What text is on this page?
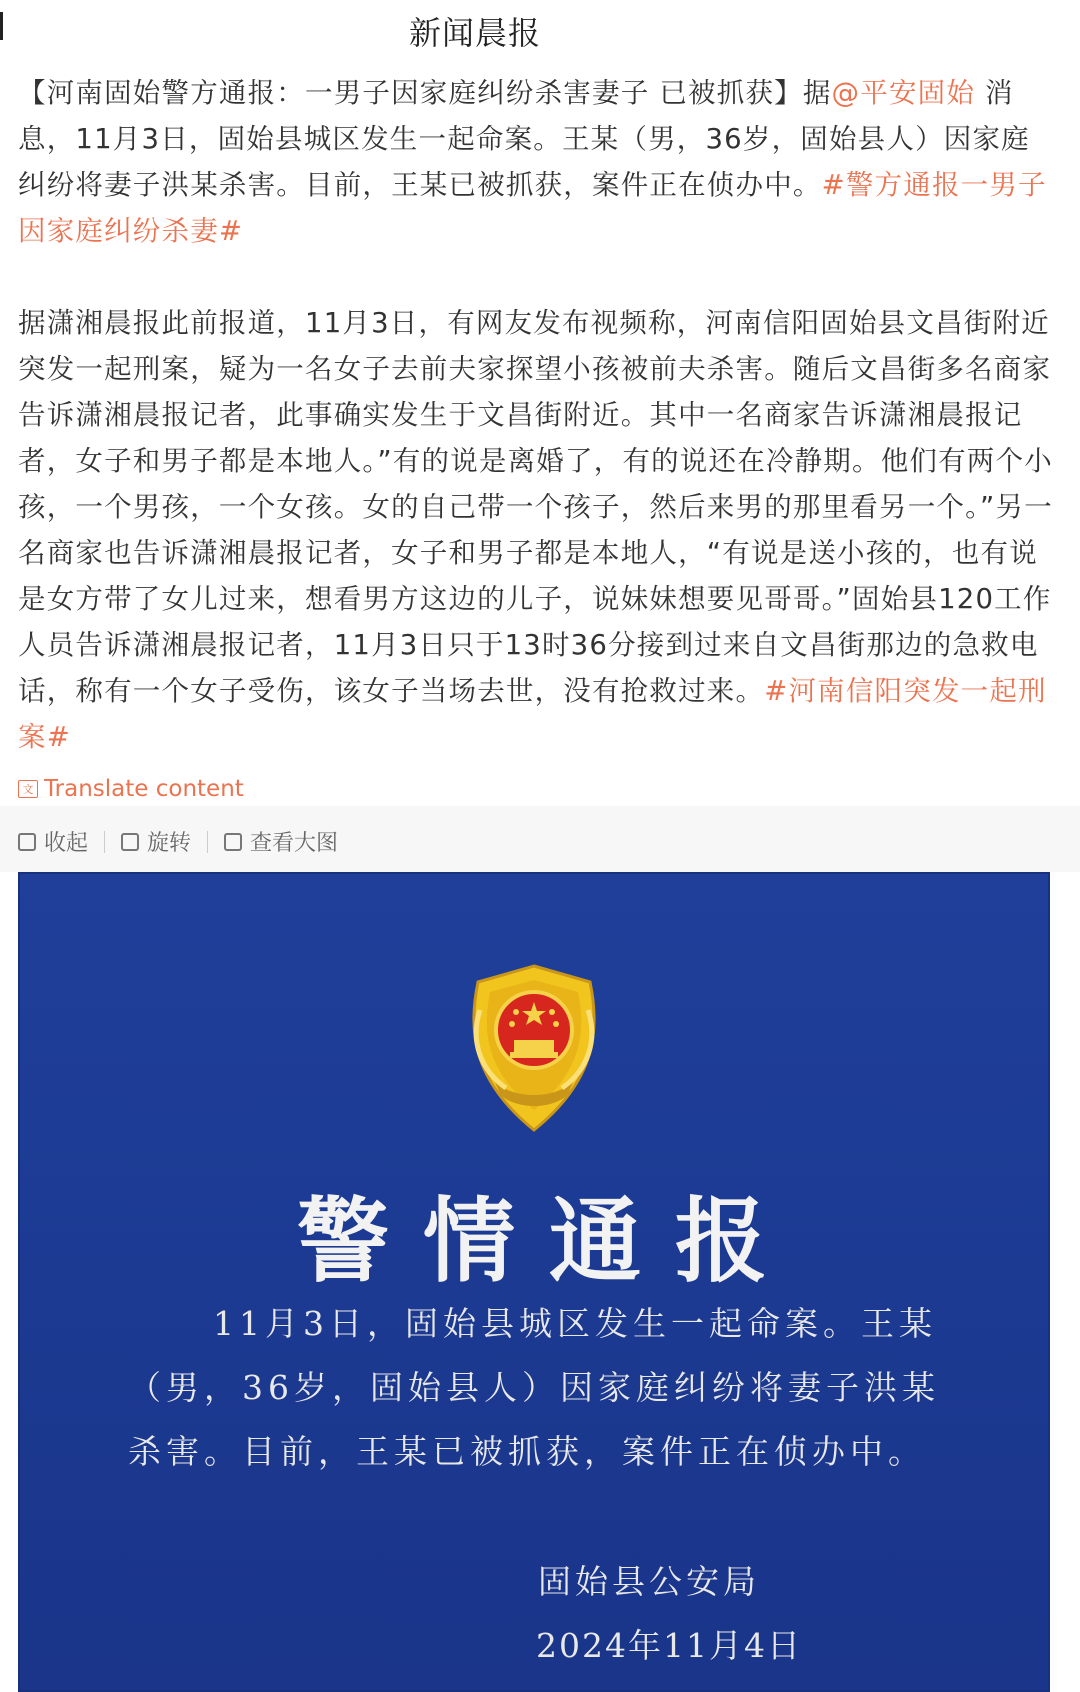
新闻晨报

【河南固始警方通报：一男子因家庭纠纷杀害妻子 已被抓获】据@平安固始 消息，11月3日，固始县城区发生一起命案。王某（男，36岁，固始县人）因家庭纠纷将妻子洪某杀害。目前，王某已被抓获，案件正在侦办中。#警方通报一男子因家庭纠纷杀妻#

据潇湘晨报此前报道，11月3日，有网友发布视频称，河南信阳固始县文昌街附近突发一起刑案，疑为一名女子去前夫家探望小孩被前夫杀害。随后文昌街多名商家告诉潇湘晨报记者，此事确实发生于文昌街附近。其中一名商家告诉潇湘晨报记者，女子和男子都是本地人。”有的说是离婚了，有的说还在冷静期。他们有两个小孩，一个男孩，一个女孩。女的自己带一个孩子，然后来男的那里看另一个。”另一名商家也告诉潇湘晨报记者，女子和男子都是本地人，“有说是送小孩的，也有说是女方带了女儿过来，想看男方这边的儿子，说妹妹想要见哥哥。”固始县120工作人员告诉潇湘晨报记者，11月3日只于13时36分接到过来自文昌街那边的急救电话，称有一个女子受伤，该女子当场去世，没有抢救过来。#河南信阳突发一起刑案#

文 Translate content
收起	旋转	查看大图
警情通报
11月3日，固始县城区发生一起命案。王某（男，36岁，固始县人）因家庭纠纷将妻子洪某杀害。目前，王某已被抓获，案件正在侦办中。
固始县公安局
2024年11月4日
